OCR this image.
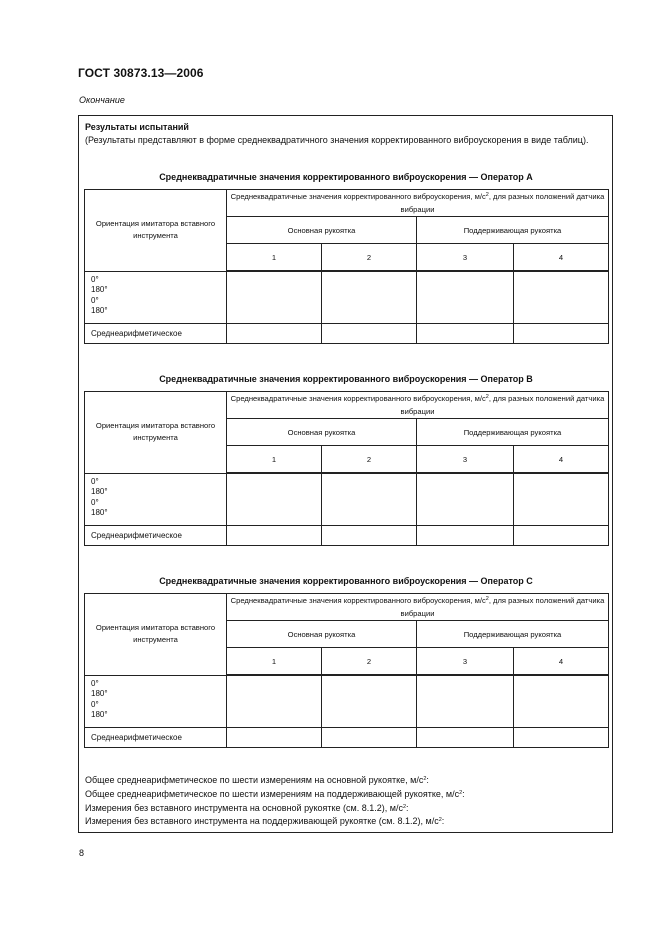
ГОСТ 30873.13—2006
Окончание
Результаты испытаний
(Результаты представляют в форме среднеквадратичного значения корректированного виброускорения в виде таблиц).
Среднеквадратичные значения корректированного виброускорения — Оператор A
Ориентация имитатора вставного инструмента	Среднеквадратичные значения корректированного виброускорения, $м/с^2$, для разных положений датчика вибрации			
	Основная рукоятка		Поддерживающая рукоятка	
	1	2	3	4

0°
180°
0°
180°				

Среднеарифметическое				
Среднеквадратичные значения корректированного виброускорения — Оператор B
Ориентация имитатора вставного инструмента	Среднеквадратичные значения корректированного виброускорения, $м/с^2$, для разных положений датчика вибрации			
	Основная рукоятка		Поддерживающая рукоятка	
	1	2	3	4

0°
180°
0°
180°				

Среднеарифметическое				
Среднеквадратичные значения корректированного виброускорения — Оператор C
Ориентация имитатора вставного инструмента	Среднеквадратичные значения корректированного виброускорения, $м/с^2$, для разных положений датчика вибрации			
	Основная рукоятка		Поддерживающая рукоятка	
	1	2	3	4

0°
180°
0°
180°				

Среднеарифметическое				
Общее среднеарифметическое по шести измерениям на основной рукоятке, $м/с^2$:
Общее среднеарифметическое по шести измерениям на поддерживающей рукоятке, $м/с^2$:
Измерения без вставного инструмента на основной рукоятке (см. 8.1.2), $м/с^2$:
Измерения без вставного инструмента на поддерживающей рукоятке (см. 8.1.2), $м/с^2$:
8
